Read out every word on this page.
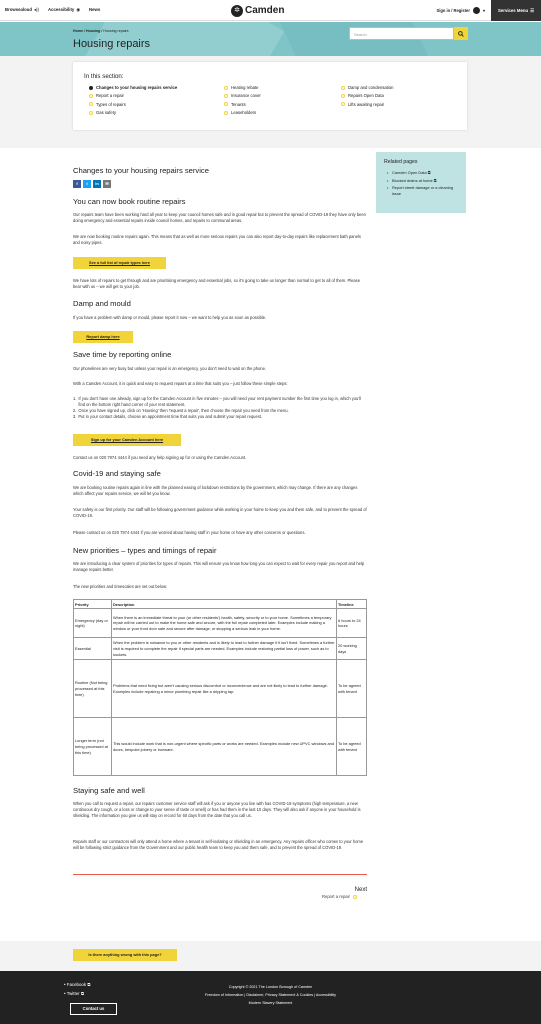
Browsealoud ◂)) Accessibility ◉ News	✲ Camden	Sign in / Register	▾	Services Menu ☰
Home / Housing / Housing repairs
Housing repairs
Search
In this section:
Changes to your housing repairs service
Report a repair
Types of repairs
Gas safety
Heating rebate
Insurance cover
Tenants
Leaseholders
Damp and condensation
Repairs Open Data
Lifts awaiting repair
Related pages
• Camden Open Data ⧉
• Blocked drains at home ⧉
• Report street damage or a cleaning issue
Changes to your housing repairs service
f	t	in	✉
You can now book routine repairs
Our repairs team have been working hard all year to keep your council homes safe and in good repair but to prevent the spread of COVID-19 they have only been doing emergency and essential repairs inside council homes, and repairs to communal areas.
We are now booking routine repairs again. This means that as well as more serious repairs you can also report day-to-day repairs like replacement bath panels and noisy pipes.
See a full list of repair types here
We have lots of repairs to get through and are prioritising emergency and essential jobs, so it's going to take us longer than normal to get to all of them. Please bear with us – we will get to your job.
Damp and mould
If you have a problem with damp or mould, please report it now – we want to help you as soon as possible.
Report damp here
Save time by reporting online
Our phonelines are very busy but unless your repair is an emergency, you don't need to wait on the phone.
With a Camden Account, it is quick and easy to request repairs at a time that suits you – just follow these simple steps:
1. If you don't have one already, sign up for the Camden Account in five minutes – you will need your rent payment number the first time you log in, which you'll find on the bottom right hand corner of your rent statement.
2. Once you have signed up, click on 'Housing' then 'request a repair', then choose the repair you need from the menu.
3. Put in your contact details, choose an appointment time that suits you and submit your repair request.
Sign up for your Camden Account here
Contact us on 020 7974 4444 if you need any help signing up for or using the Camden Account.
Covid-19 and staying safe
We are booking routine repairs again in line with the planned easing of lockdown restrictions by the government, which may change. If there are any changes which affect your repairs service, we will let you know.
Your safety is our first priority. Our staff will be following government guidance while working in your home to keep you and them safe, and to prevent the spread of COVID-19.
Please contact us on 020 7974 4444 if you are worried about having staff in your home or have any other concerns or questions.
New priorities – types and timings of repair
We are introducing a clear system of priorities for types of repairs. This will ensure you know how long you can expect to wait for every repair you report and help manage repairs better.
The new priorities and timescales are set out below:
Priority	Description	Timeline
Emergency (day or night)	When there is an immediate threat to your (or other residents') health, safety, security or to your home. Sometimes a temporary repair will be carried out to make the home safe and secure, with the full repair completed later. Examples include making a window or your front door safe and secure after damage, or stopping a serious leak in your home.	6 hours to 24 hours
Essential	When the problem is nuisance to you or other residents and is likely to lead to further damage if it isn't fixed. Sometimes a further visit is required to complete the repair if special parts are needed. Examples include restoring partial loss of power, such as to sockets.	20 working days
Routine (Not being processed at this time)	Problems that need fixing but aren't causing serious discomfort or inconvenience and are not likely to lead to further damage. Examples include repairing a minor plumbing repair like a dripping tap.	To be agreed with tenant
Longer term (not being processed at this time)	This would include work that is non-urgent where specific parts or works are needed. Examples include new UPVC windows and doors, bespoke joinery or ironware.	To be agreed with tenant
Staying safe and well
When you call to request a repair, our repairs customer service staff will ask if you or anyone you live with has COVID-19 symptoms (high temperature, a new continuous dry cough, or a loss or change to your sense of taste or smell) or has had them in the last 10 days. They will also ask if anyone in your household is shielding. The information you give us will stay on record for 60 days from the date that you call us.
Repairs staff or our contractors will only attend a home where a tenant is self-isolating or shielding in an emergency. Any repairs officer who comes to your home will be following strict guidance from the Government and our public health team to keep you and them safe, and to prevent the spread of COVID-19.
Next
Report a repair
Is there anything wrong with this page?
• Facebook ⧉
• Twitter ⧉
Contact us
Copyright © 2021 The London Borough of Camden
Freedom of Information | Disclaimer, Privacy Statement & Cookies | Accessibility
Modern Slavery Statement
